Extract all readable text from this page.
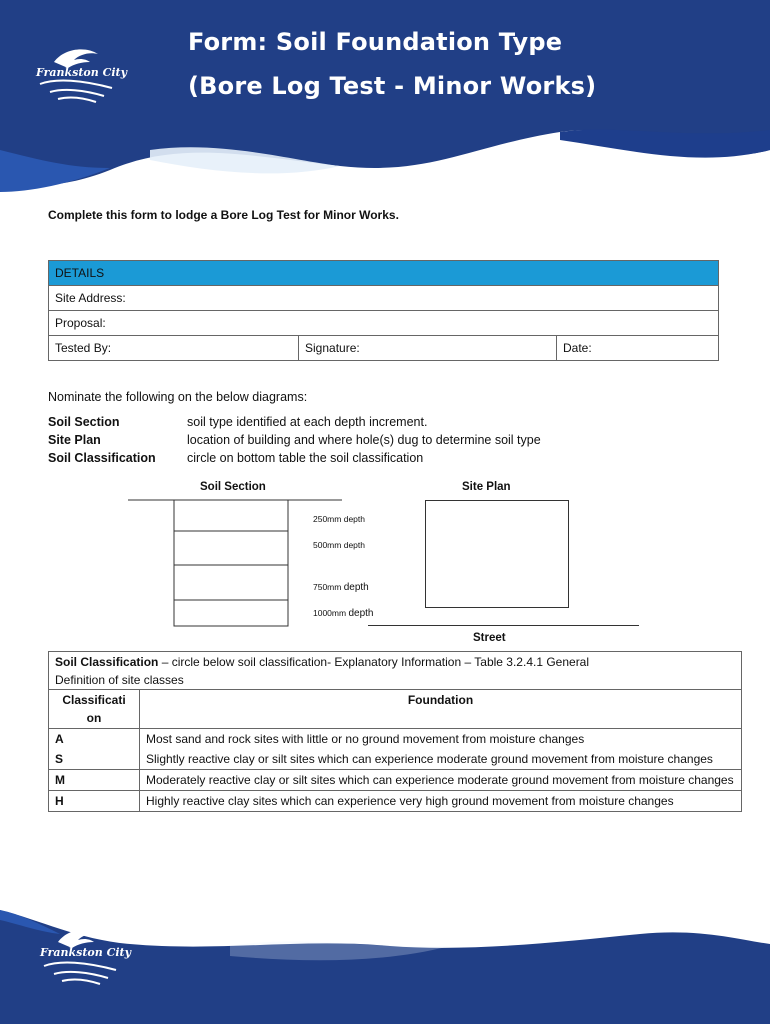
Frankston City
Form: Soil Foundation Type
(Bore Log Test - Minor Works)
Complete this form to lodge a Bore Log Test for Minor Works.
DETAILS
Site Address:
Proposal:
Tested By:	Signature:	Date:
Nominate the following on the below diagrams:
Soil Section	soil type identified at each depth increment.
Site Plan	location of building and where hole(s) dug to determine soil type
Soil Classification	circle on bottom table the soil classification
Soil Section	Site Plan
250mm depth
500mm depth
750mm depth
1000mm depth
Street
Soil Classification – circle below soil classification- Explanatory Information – Table 3.2.4.1 General
Definition of site classes	
Classificati
on	Foundation
A	Most sand and rock sites with little or no ground movement from moisture changes
S	Slightly reactive clay or silt sites which can experience moderate ground movement from moisture changes
M	Moderately reactive clay or silt sites which can experience moderate ground movement from moisture changes
H	Highly reactive clay sites which can experience very high ground movement from moisture changes
Frankston City
